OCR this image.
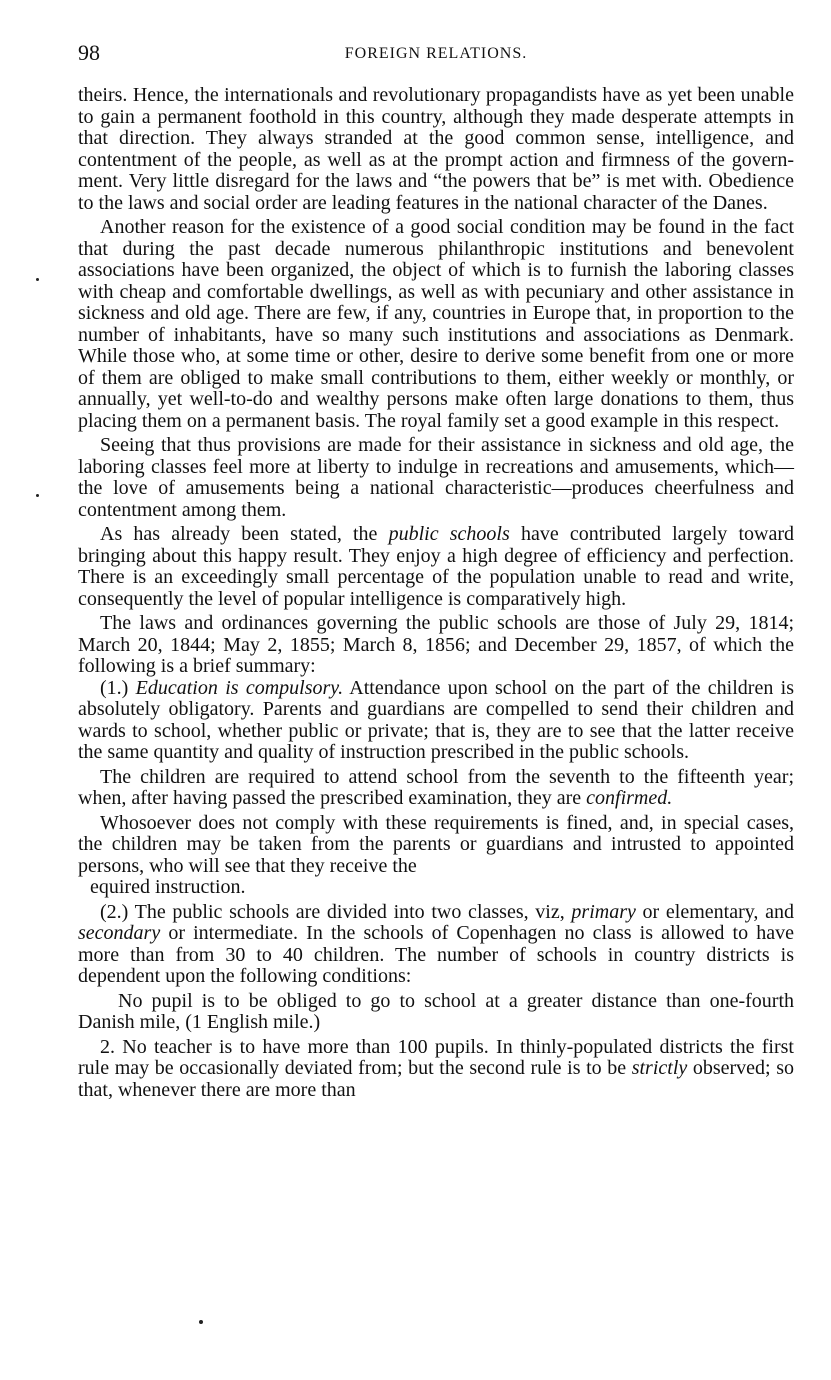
98	FOREIGN RELATIONS.

theirs. Hence, the internationals and revolutionary propagandists have as yet been unable to gain a permanent foothold in this country, although they made desperate attempts in that direction. They always stranded at the good common sense, intelligence, and contentment of the people, as well as at the prompt action and firmness of the government. Very little disregard for the laws and “the powers that be” is met with. Obedience to the laws and social order are leading features in the national character of the Danes.

Another reason for the existence of a good social condition may be found in the fact that during the past decade numerous philanthropic institutions and benevolent associations have been organized, the object of which is to furnish the laboring classes with cheap and comfortable dwellings, as well as with pecuniary and other assistance in sickness and old age. There are few, if any, countries in Europe that, in proportion to the number of inhabitants, have so many such institutions and associations as Denmark. While those who, at some time or other, desire to derive some benefit from one or more of them are obliged to make small contributions to them, either weekly or monthly, or annually, yet well-to-do and wealthy persons make often large donations to them, thus placing them on a permanent basis. The royal family set a good example in this respect.

Seeing that thus provisions are made for their assistance in sickness and old age, the laboring classes feel more at liberty to indulge in recreations and amusements, which—the love of amusements being a national characteristic—produces cheerfulness and contentment among them.

As has already been stated, the public schools have contributed largely toward bringing about this happy result. They enjoy a high degree of efficiency and perfection. There is an exceedingly small percentage of the population unable to read and write, consequently the level of popular intelligence is comparatively high.

The laws and ordinances governing the public schools are those of July 29, 1814; March 20, 1844; May 2, 1855; March 8, 1856; and December 29, 1857, of which the following is a brief summary:

(1.) Education is compulsory. Attendance upon school on the part of the children is absolutely obligatory. Parents and guardians are compelled to send their children and wards to school, whether public or private; that is, they are to see that the latter receive the same quantity and quality of instruction prescribed in the public schools.

The children are required to attend school from the seventh to the fifteenth year; when, after having passed the prescribed examination, they are confirmed.

Whosoever does not comply with these requirements is fined, and, in special cases, the children may be taken from the parents or guardians and intrusted to appointed persons, who will see that they receive the

equired instruction.

(2.) The public schools are divided into two classes, viz, primary or elementary, and secondary or intermediate. In the schools of Copenhagen no class is allowed to have more than from 30 to 40 children. The number of schools in country districts is dependent upon the following conditions:

No pupil is to be obliged to go to school at a greater distance than one-fourth Danish mile, (1 English mile.)

2. No teacher is to have more than 100 pupils. In thinly-populated districts the first rule may be occasionally deviated from; but the second rule is to be strictly observed; so that, whenever there are more than
